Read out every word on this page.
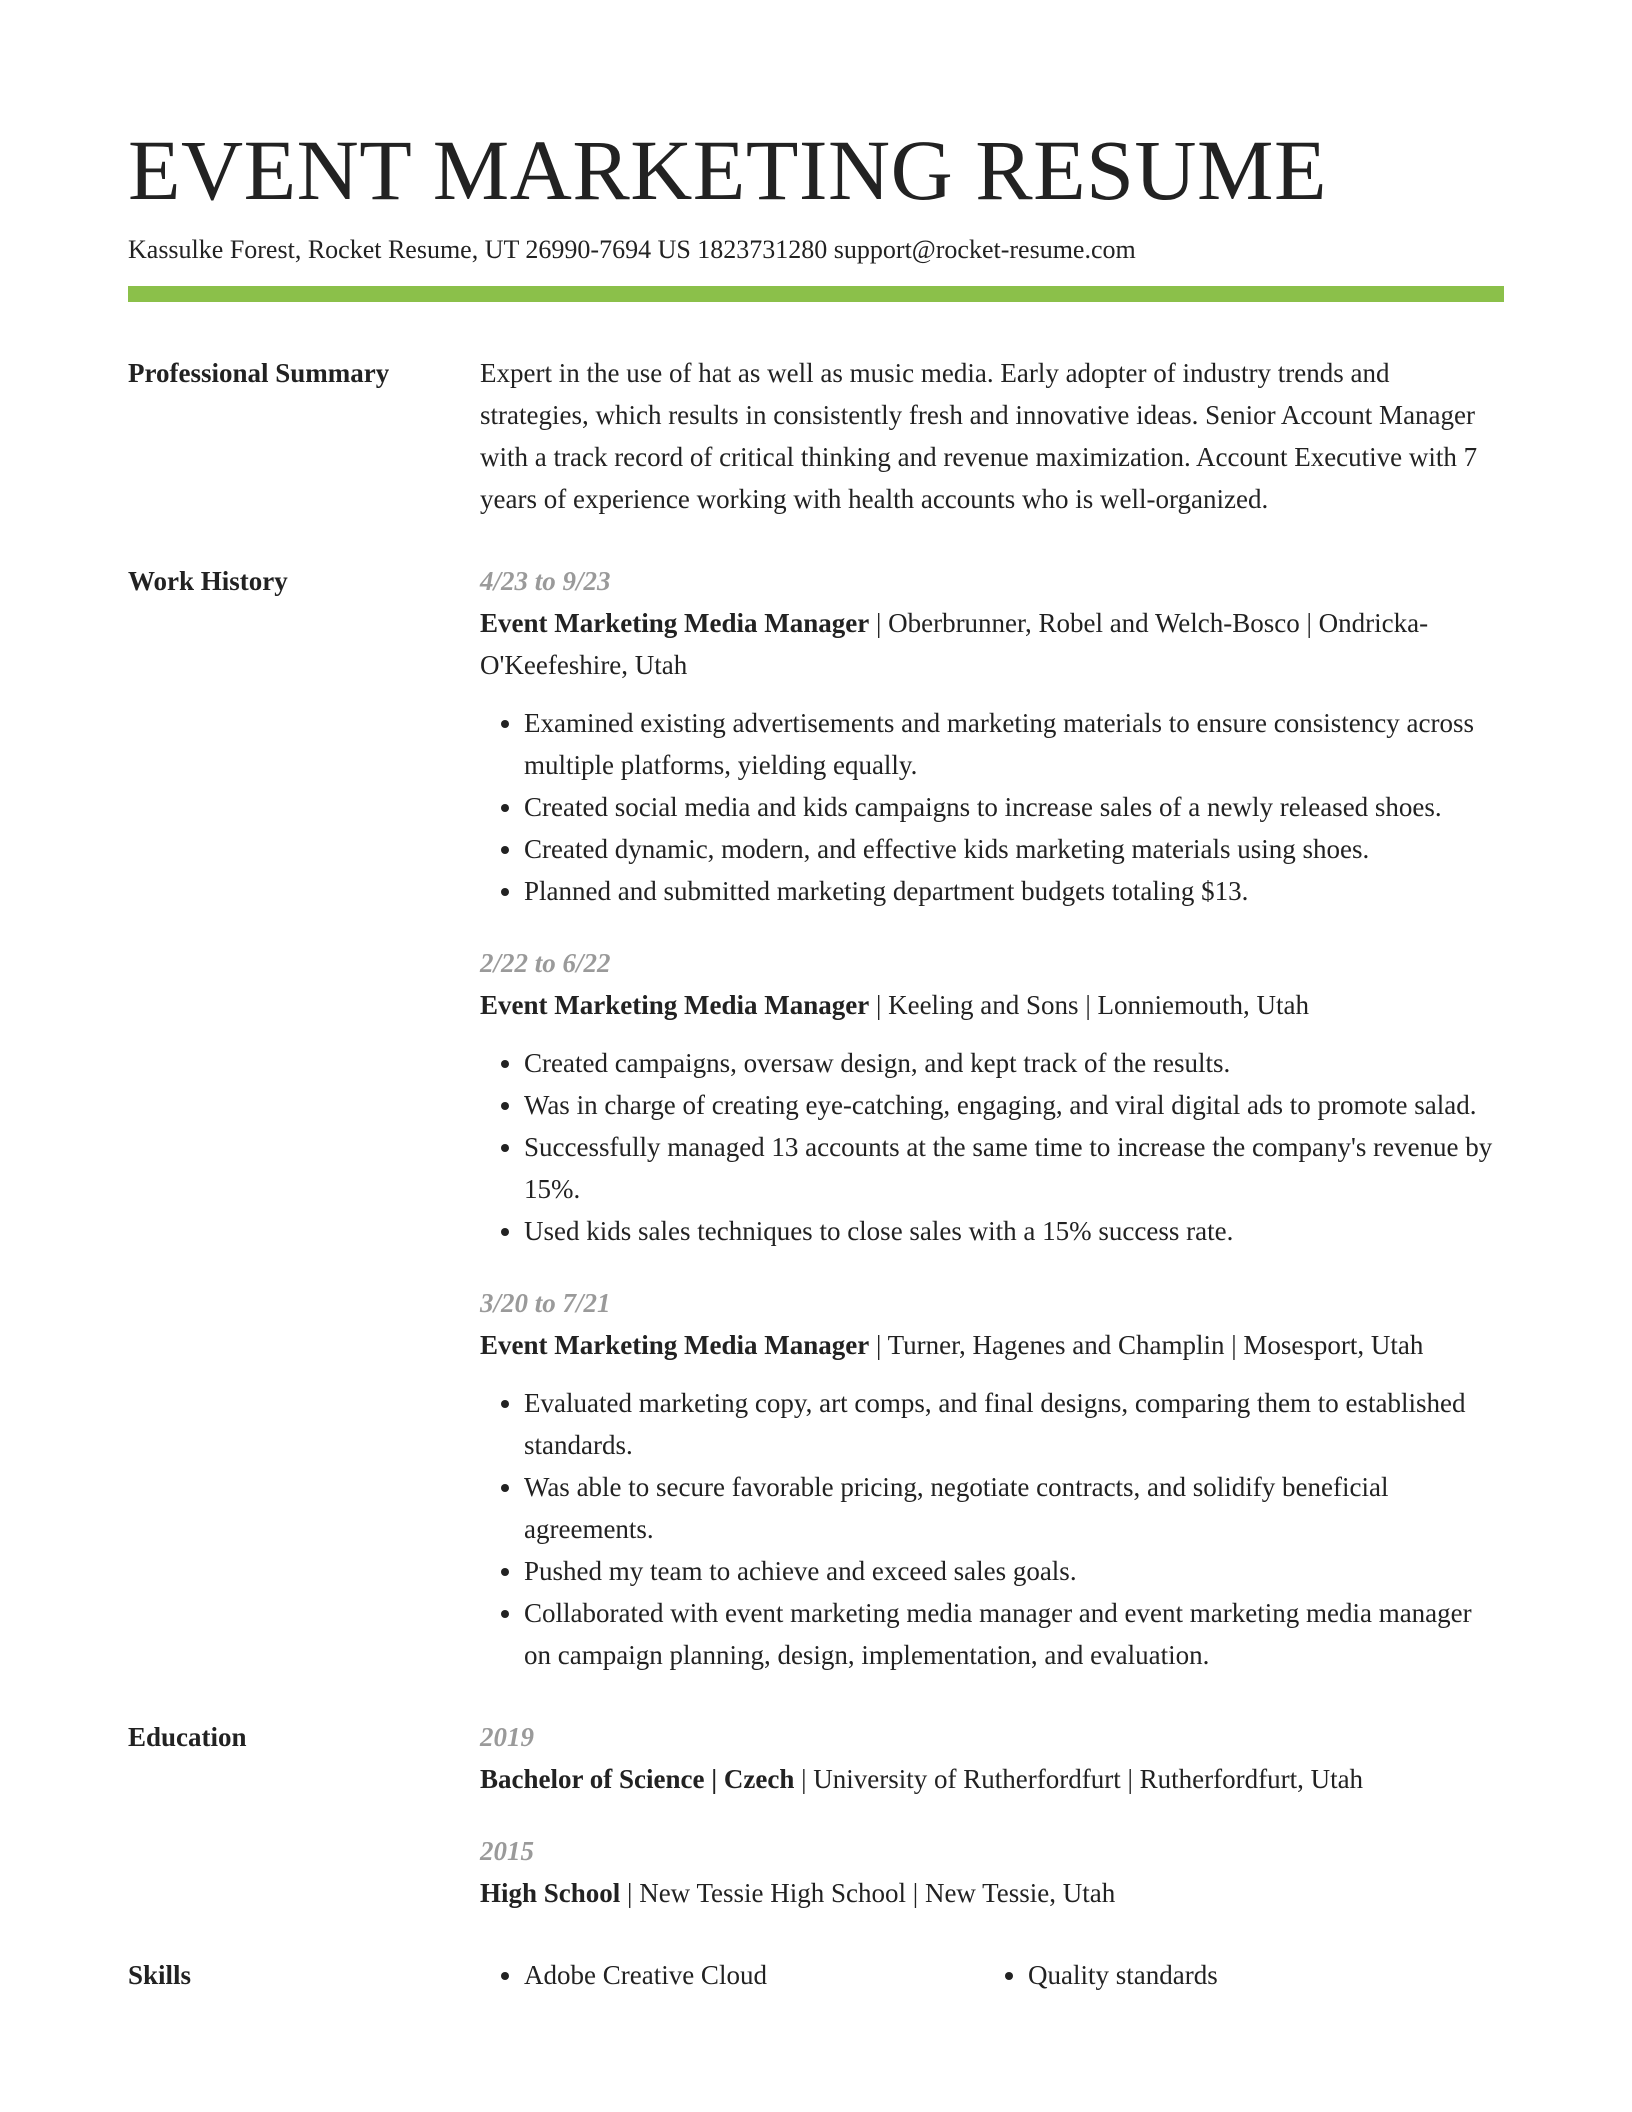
EVENT MARKETING RESUME
Kassulke Forest, Rocket Resume, UT 26990-7694 US 1823731280 support@rocket-resume.com
Professional Summary	Expert in the use of hat as well as music media. Early adopter of industry trends and strategies, which results in consistently fresh and innovative ideas. Senior Account Manager with a track record of critical thinking and revenue maximization. Account Executive with 7 years of experience working with health accounts who is well-organized.

Work History	4/23 to 9/23
Event Marketing Media Manager | Oberbrunner, Robel and Welch-Bosco | Ondricka-O'Keefeshire, Utah
• Examined existing advertisements and marketing materials to ensure consistency across multiple platforms, yielding equally.
• Created social media and kids campaigns to increase sales of a newly released shoes.
• Created dynamic, modern, and effective kids marketing materials using shoes.
• Planned and submitted marketing department budgets totaling $13.
2/22 to 6/22
Event Marketing Media Manager | Keeling and Sons | Lonniemouth, Utah
• Created campaigns, oversaw design, and kept track of the results.
• Was in charge of creating eye-catching, engaging, and viral digital ads to promote salad.
• Successfully managed 13 accounts at the same time to increase the company's revenue by 15%.
• Used kids sales techniques to close sales with a 15% success rate.
3/20 to 7/21
Event Marketing Media Manager | Turner, Hagenes and Champlin | Mosesport, Utah
• Evaluated marketing copy, art comps, and final designs, comparing them to established standards.
• Was able to secure favorable pricing, negotiate contracts, and solidify beneficial agreements.
• Pushed my team to achieve and exceed sales goals.
• Collaborated with event marketing media manager and event marketing media manager on campaign planning, design, implementation, and evaluation.
Education	2019
Bachelor of Science | Czech | University of Rutherfordfurt | Rutherfordfurt, Utah
2015
High School | New Tessie High School | New Tessie, Utah
Skills	• Adobe Creative Cloud	• Quality standards
